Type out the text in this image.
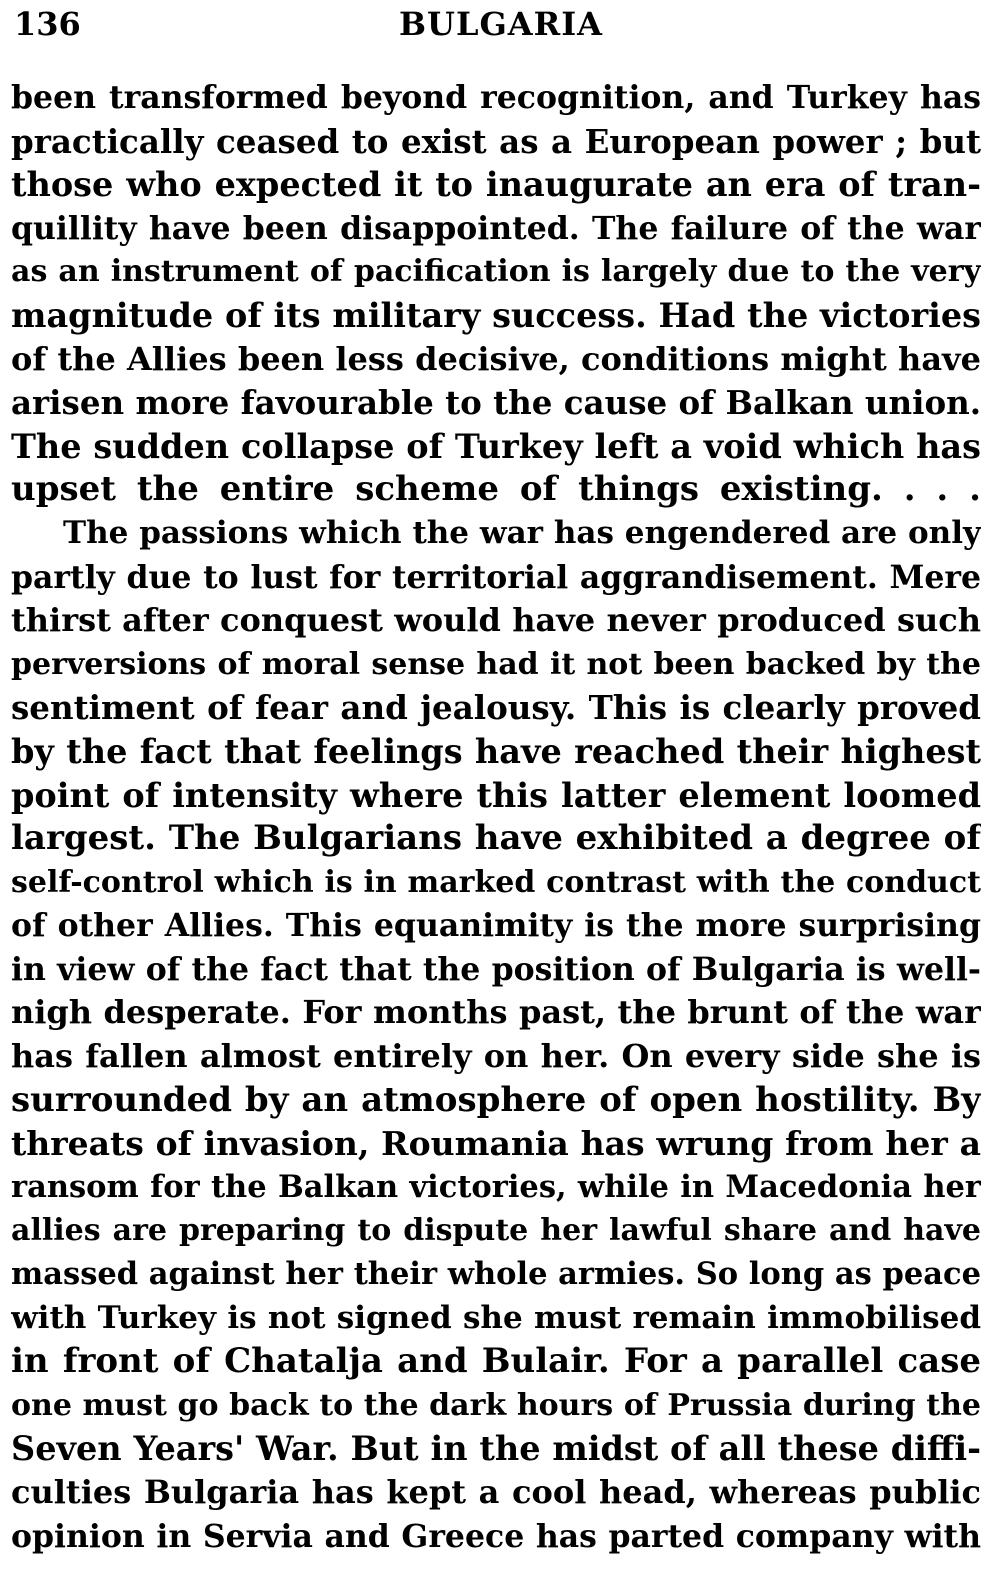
136	BULGARIA
been transformed beyond recognition, and Turkey has
practically ceased to exist as a European power ; but
those who expected it to inaugurate an era of tran-
quillity have been disappointed. The failure of the war
as an instrument of pacification is largely due to the very
magnitude of its military success. Had the victories
of the Allies been less decisive, conditions might have
arisen more favourable to the cause of Balkan union.
The sudden collapse of Turkey left a void which has
upset the entire scheme of things existing. . . .
The passions which the war has engendered are only
partly due to lust for territorial aggrandisement. Mere
thirst after conquest would have never produced such
perversions of moral sense had it not been backed by the
sentiment of fear and jealousy. This is clearly proved
by the fact that feelings have reached their highest
point of intensity where this latter element loomed
largest. The Bulgarians have exhibited a degree of
self-control which is in marked contrast with the conduct
of other Allies. This equanimity is the more surprising
in view of the fact that the position of Bulgaria is well-
nigh desperate. For months past, the brunt of the war
has fallen almost entirely on her. On every side she is
surrounded by an atmosphere of open hostility. By
threats of invasion, Roumania has wrung from her a
ransom for the Balkan victories, while in Macedonia her
allies are preparing to dispute her lawful share and have
massed against her their whole armies. So long as peace
with Turkey is not signed she must remain immobilised
in front of Chatalja and Bulair. For a parallel case
one must go back to the dark hours of Prussia during the
Seven Years' War. But in the midst of all these diffi-
culties Bulgaria has kept a cool head, whereas public
opinion in Servia and Greece has parted company with
